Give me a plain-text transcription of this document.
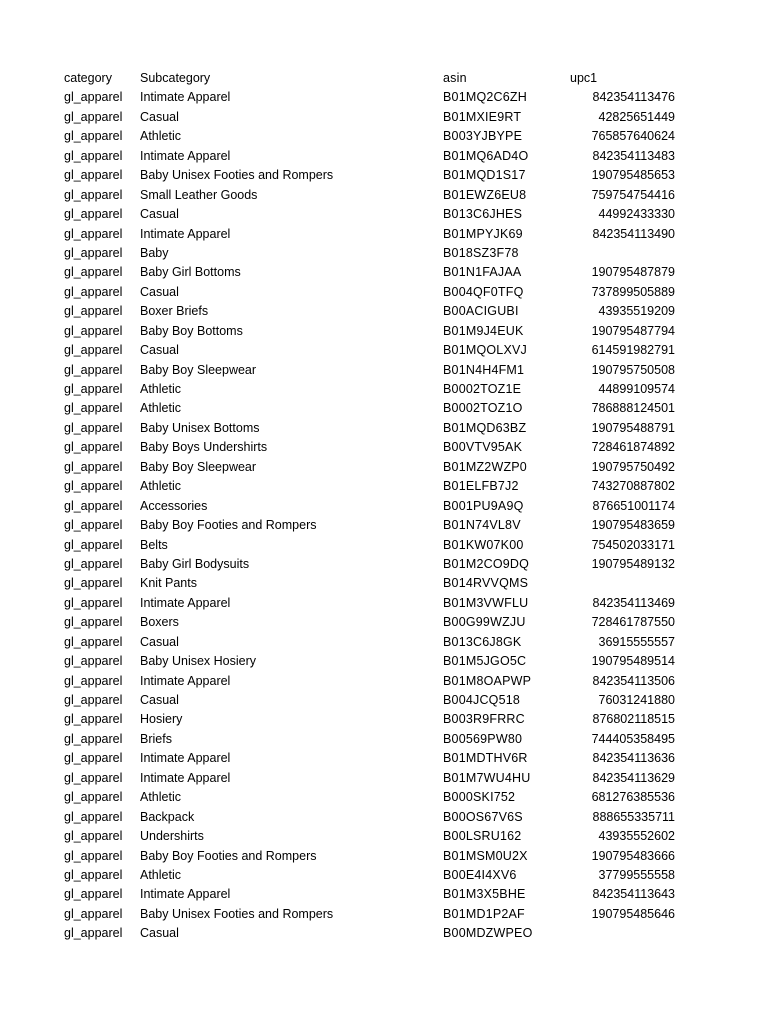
category Subcategory	asin	upc1
gl_apparel Intimate Apparel	B01MQ2C6ZH	842354113476
gl_apparel Casual	B01MXIE9RT	42825651449
gl_apparel Athletic	B003YJBYPE	765857640624
gl_apparel Intimate Apparel	B01MQ6AD4O	842354113483
gl_apparel Baby Unisex Footies and Rompers	B01MQD1S17	190795485653
gl_apparel Small Leather Goods	B01EWZ6EU8	759754754416
gl_apparel Casual	B013C6JHES	44992433330
gl_apparel Intimate Apparel	B01MPYJK69	842354113490
gl_apparel Baby	B018SZ3F78
gl_apparel Baby Girl Bottoms	B01N1FAJAA	190795487879
gl_apparel Casual	B004QF0TFQ	737899505889
gl_apparel Boxer Briefs	B00ACIGUBI	43935519209
gl_apparel Baby Boy Bottoms	B01M9J4EUK	190795487794
gl_apparel Casual	B01MQOLXVJ	614591982791
gl_apparel Baby Boy Sleepwear	B01N4H4FM1	190795750508
gl_apparel Athletic	B0002TOZ1E	44899109574
gl_apparel Athletic	B0002TOZ1O	786888124501
gl_apparel Baby Unisex Bottoms	B01MQD63BZ	190795488791
gl_apparel Baby Boys Undershirts	B00VTV95AK	728461874892
gl_apparel Baby Boy Sleepwear	B01MZ2WZP0	190795750492
gl_apparel Athletic	B01ELFB7J2	743270887802
gl_apparel Accessories	B001PU9A9Q	876651001174
gl_apparel Baby Boy Footies and Rompers	B01N74VL8V	190795483659
gl_apparel Belts	B01KW07K00	754502033171
gl_apparel Baby Girl Bodysuits	B01M2CO9DQ	190795489132
gl_apparel Knit Pants	B014RVVQMS
gl_apparel Intimate Apparel	B01M3VWFLU	842354113469
gl_apparel Boxers	B00G99WZJU	728461787550
gl_apparel Casual	B013C6J8GK	36915555557
gl_apparel Baby Unisex Hosiery	B01M5JGO5C	190795489514
gl_apparel Intimate Apparel	B01M8OAPWP	842354113506
gl_apparel Casual	B004JCQ518	76031241880
gl_apparel Hosiery	B003R9FRRC	876802118515
gl_apparel Briefs	B00569PW80	744405358495
gl_apparel Intimate Apparel	B01MDTHV6R	842354113636
gl_apparel Intimate Apparel	B01M7WU4HU	842354113629
gl_apparel Athletic	B000SKI752	681276385536
gl_apparel Backpack	B00OS67V6S	888655335711
gl_apparel Undershirts	B00LSRU162	43935552602
gl_apparel Baby Boy Footies and Rompers	B01MSM0U2X	190795483666
gl_apparel Athletic	B00E4I4XV6	37799555558
gl_apparel Intimate Apparel	B01M3X5BHE	842354113643
gl_apparel Baby Unisex Footies and Rompers	B01MD1P2AF	190795485646
gl_apparel Casual	B00MDZWPEO
